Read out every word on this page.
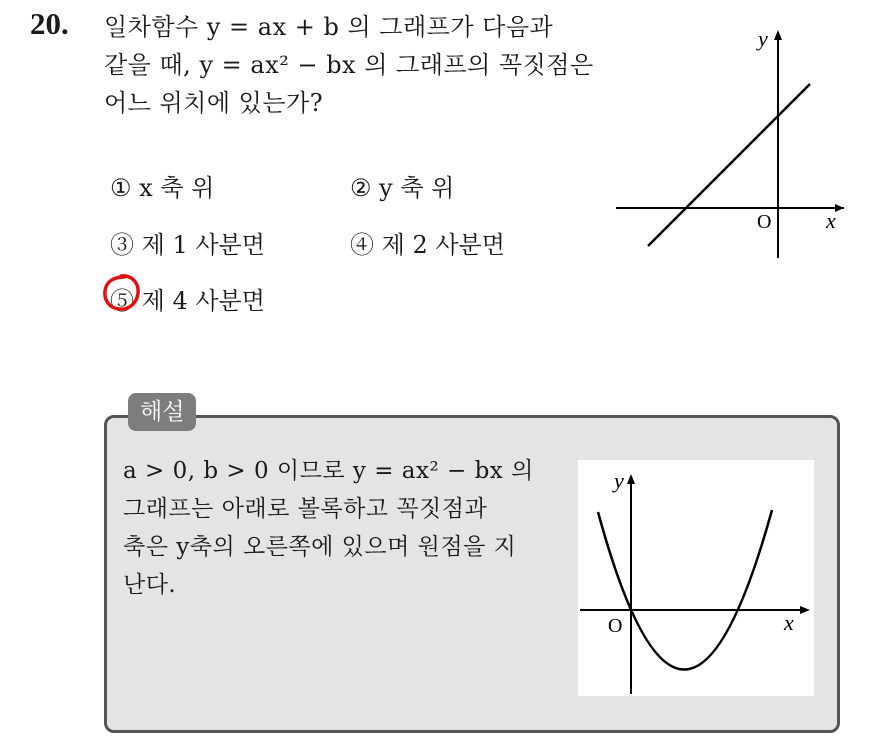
20. 일차함수 y = ax + b 의 그래프가 다음과
같을 때, y = ax² − bx 의 그래프의 꼭짓점은
어느 위치에 있는가?
① x 축 위	② y 축 위
③ 제 1 사분면	④ 제 2 사분면
⑤ 제 4 사분면
x
y
O
해설
a > 0, b > 0 이므로 y = ax² − bx 의
그래프는 아래로 볼록하고 꼭짓점과
축은 y축의 오른쪽에 있으며 원점을 지
난다.
x
y
O
